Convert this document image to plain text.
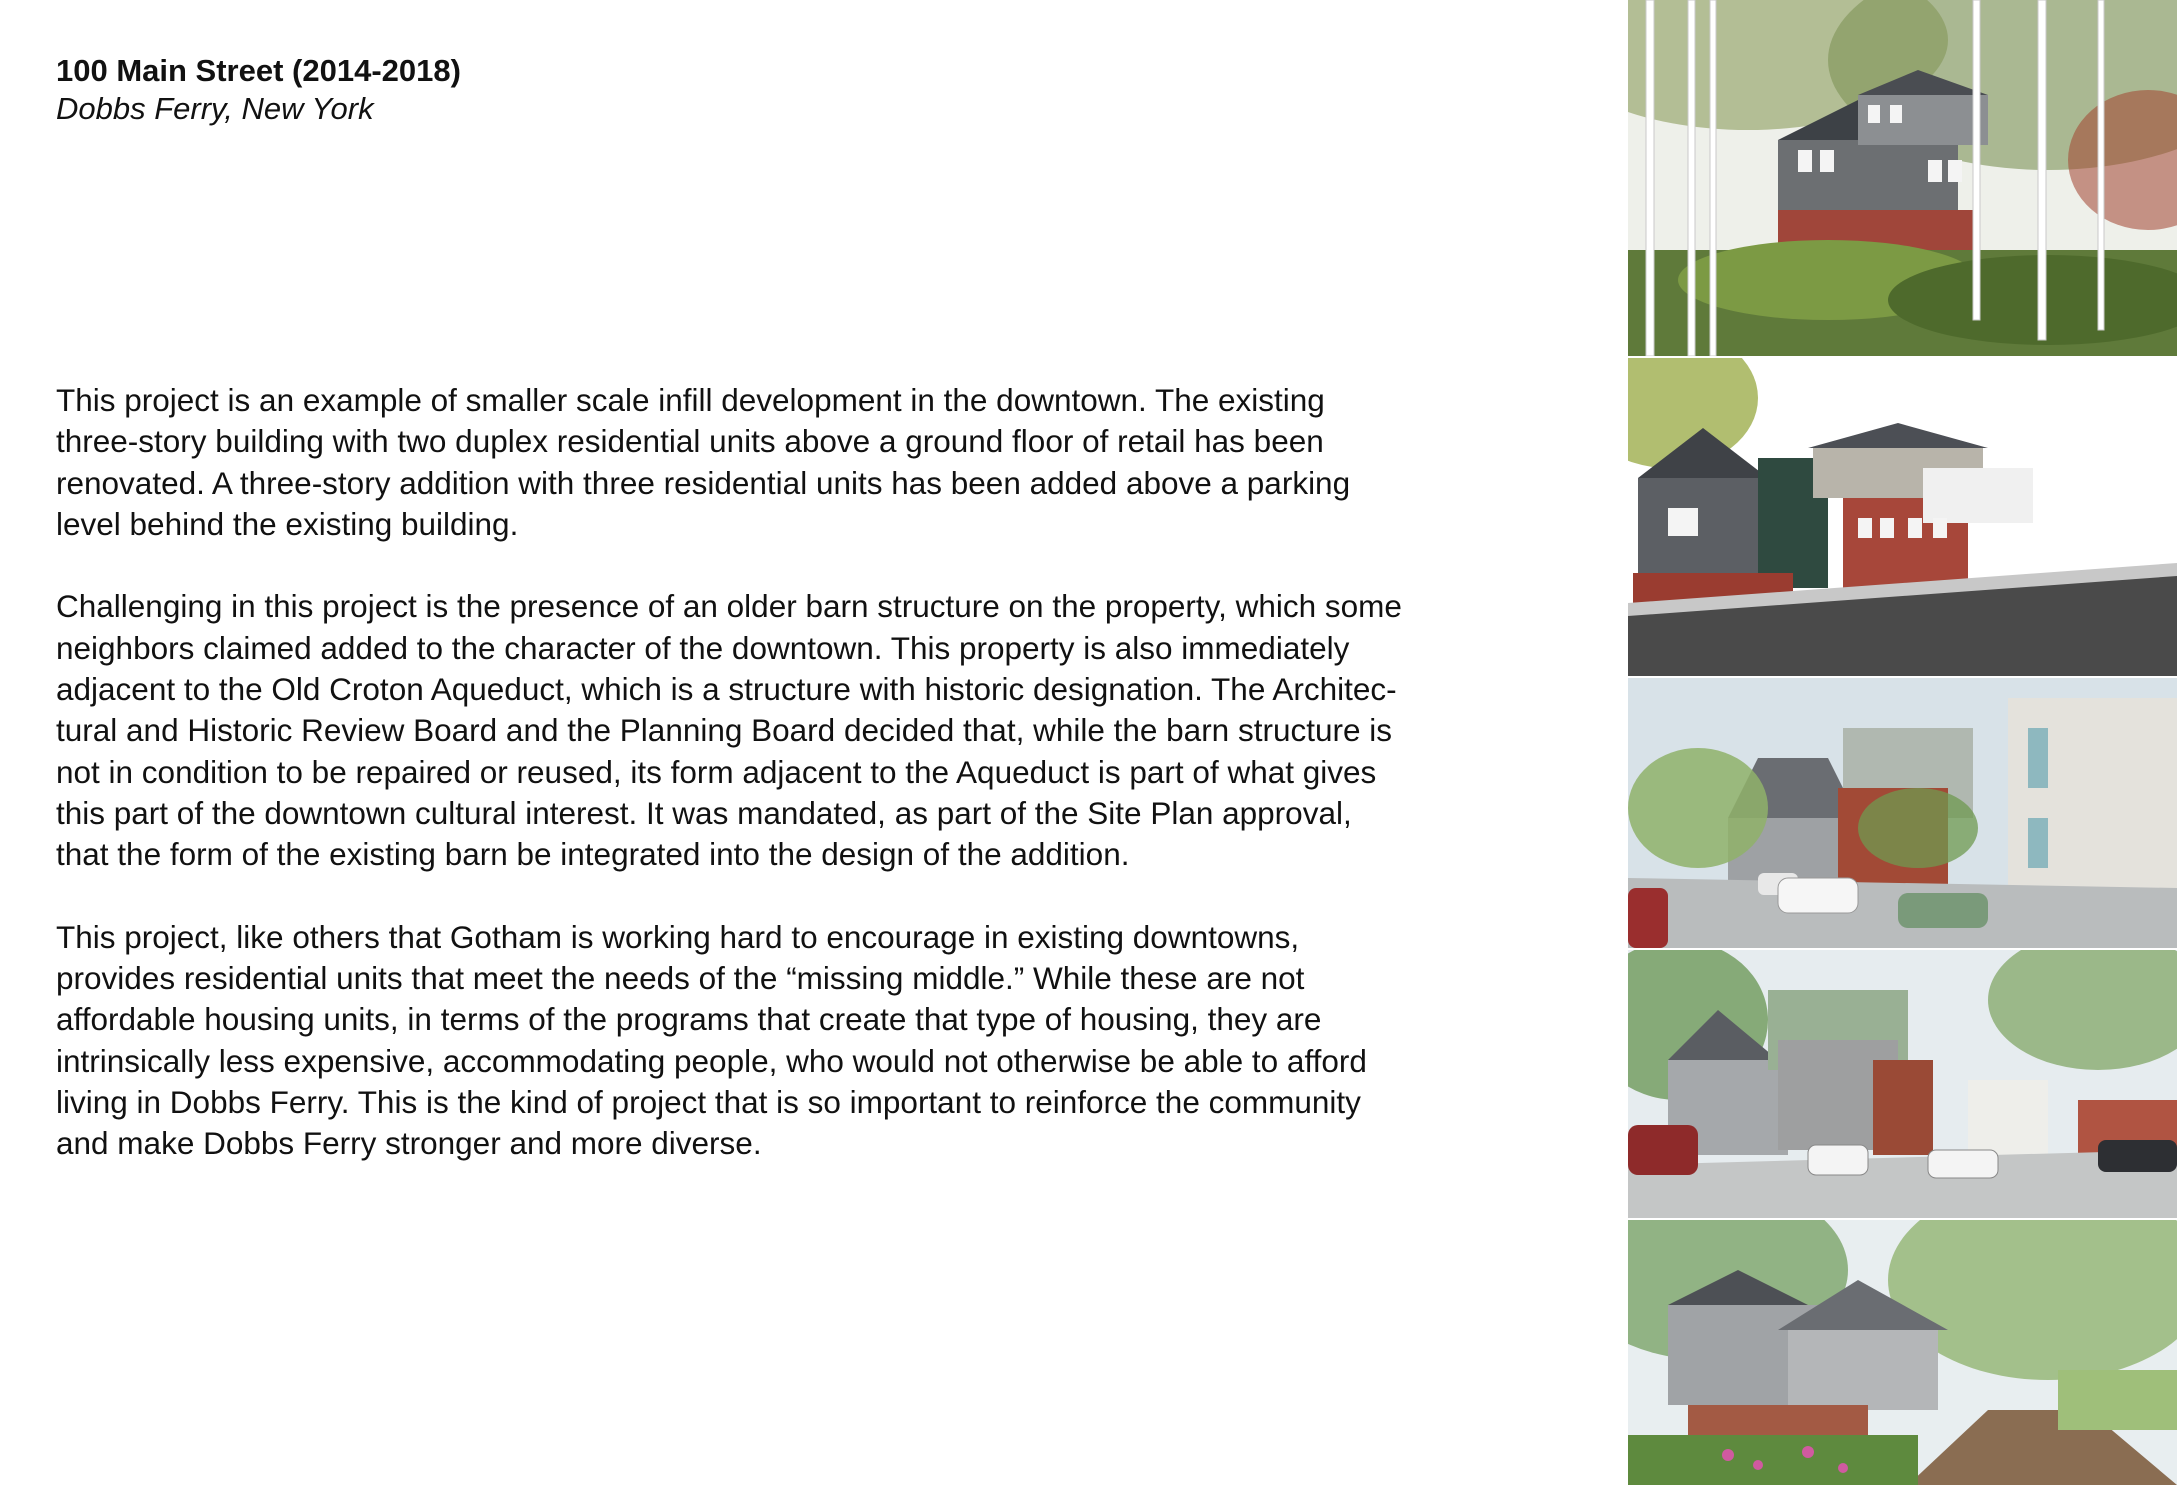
100 Main Street (2014-2018)
Dobbs Ferry, New York

This project is an example of smaller scale infill development in the downtown. The existing
three-story building with two duplex residential units above a ground floor of retail has been
renovated. A three-story addition with three residential units has been added above a parking
level behind the existing building.

Challenging in this project is the presence of an older barn structure on the property, which some
neighbors claimed added to the character of the downtown. This property is also immediately
adjacent to the Old Croton Aqueduct, which is a structure with historic designation. The Architec-
tural and Historic Review Board and the Planning Board decided that, while the barn structure is
not in condition to be repaired or reused, its form adjacent to the Aqueduct is part of what gives
this part of the downtown cultural interest. It was mandated, as part of the Site Plan approval,
that the form of the existing barn be integrated into the design of the addition.

This project, like others that Gotham is working hard to encourage in existing downtowns,
provides residential units that meet the needs of the “missing middle.” While these are not
affordable housing units, in terms of the programs that create that type of housing, they are
intrinsically less expensive, accommodating people, who would not otherwise be able to afford
living in Dobbs Ferry. This is the kind of project that is so important to reinforce the community
and make Dobbs Ferry stronger and more diverse.
